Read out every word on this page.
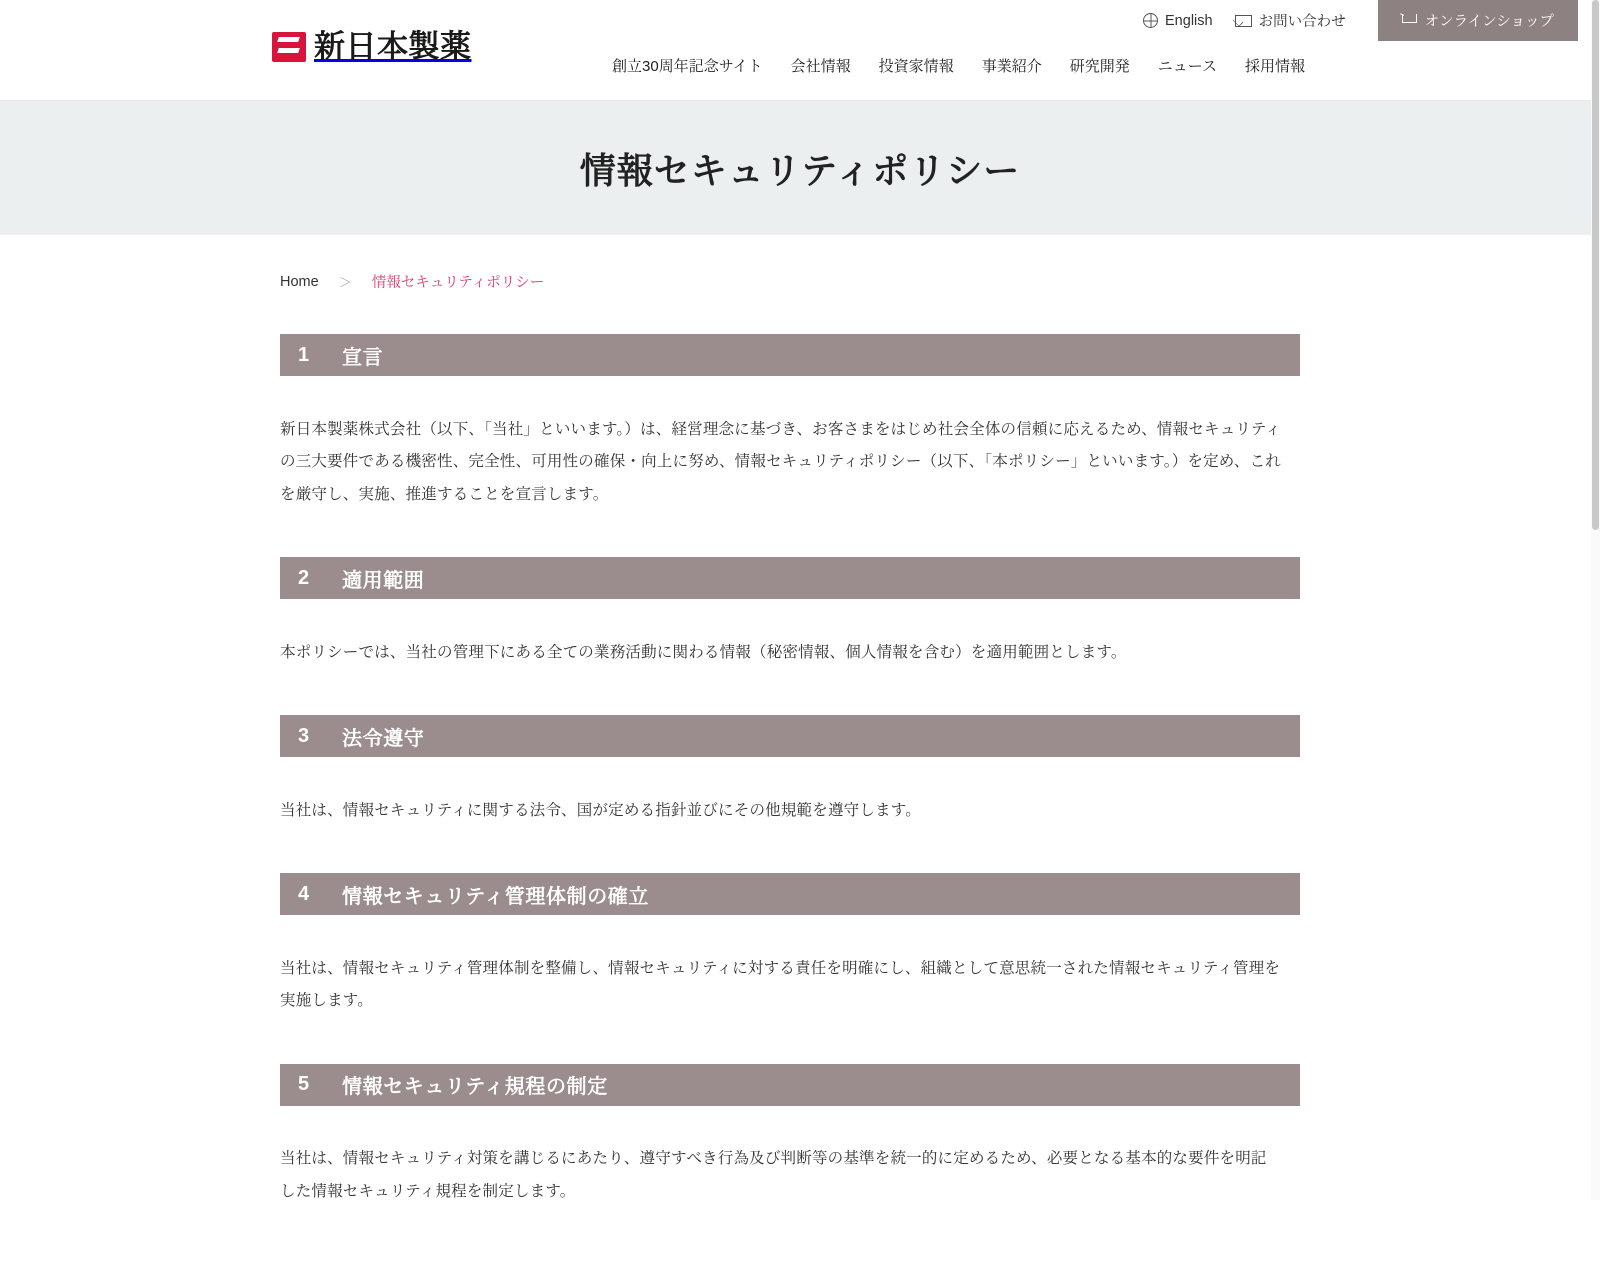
新日本製薬
English	お問い合わせ	オンラインショップ
創立30周年記念サイト 会社情報 投資家情報 事業紹介 研究開発 ニュース 採用情報
情報セキュリティポリシー
Home	＞	情報セキュリティポリシー
1	宣言

新日本製薬株式会社（以下、「当社」といいます。）は、経営理念に基づき、お客さまをはじめ社会全体の信頼に応えるため、情報セキュリティの三大要件である機密性、完全性、可用性の確保・向上に努め、情報セキュリティポリシー（以下、「本ポリシー」といいます。）を定め、これを厳守し、実施、推進することを宣言します。

2	適用範囲

本ポリシーでは、当社の管理下にある全ての業務活動に関わる情報（秘密情報、個人情報を含む）を適用範囲とします。

3	法令遵守

当社は、情報セキュリティに関する法令、国が定める指針並びにその他規範を遵守します。

4	情報セキュリティ管理体制の確立

当社は、情報セキュリティ管理体制を整備し、情報セキュリティに対する責任を明確にし、組織として意思統一された情報セキュリティ管理を実施します。

5	情報セキュリティ規程の制定

当社は、情報セキュリティ対策を講じるにあたり、遵守すべき行為及び判断等の基準を統一的に定めるため、必要となる基本的な要件を明記した情報セキュリティ規程を制定します。
